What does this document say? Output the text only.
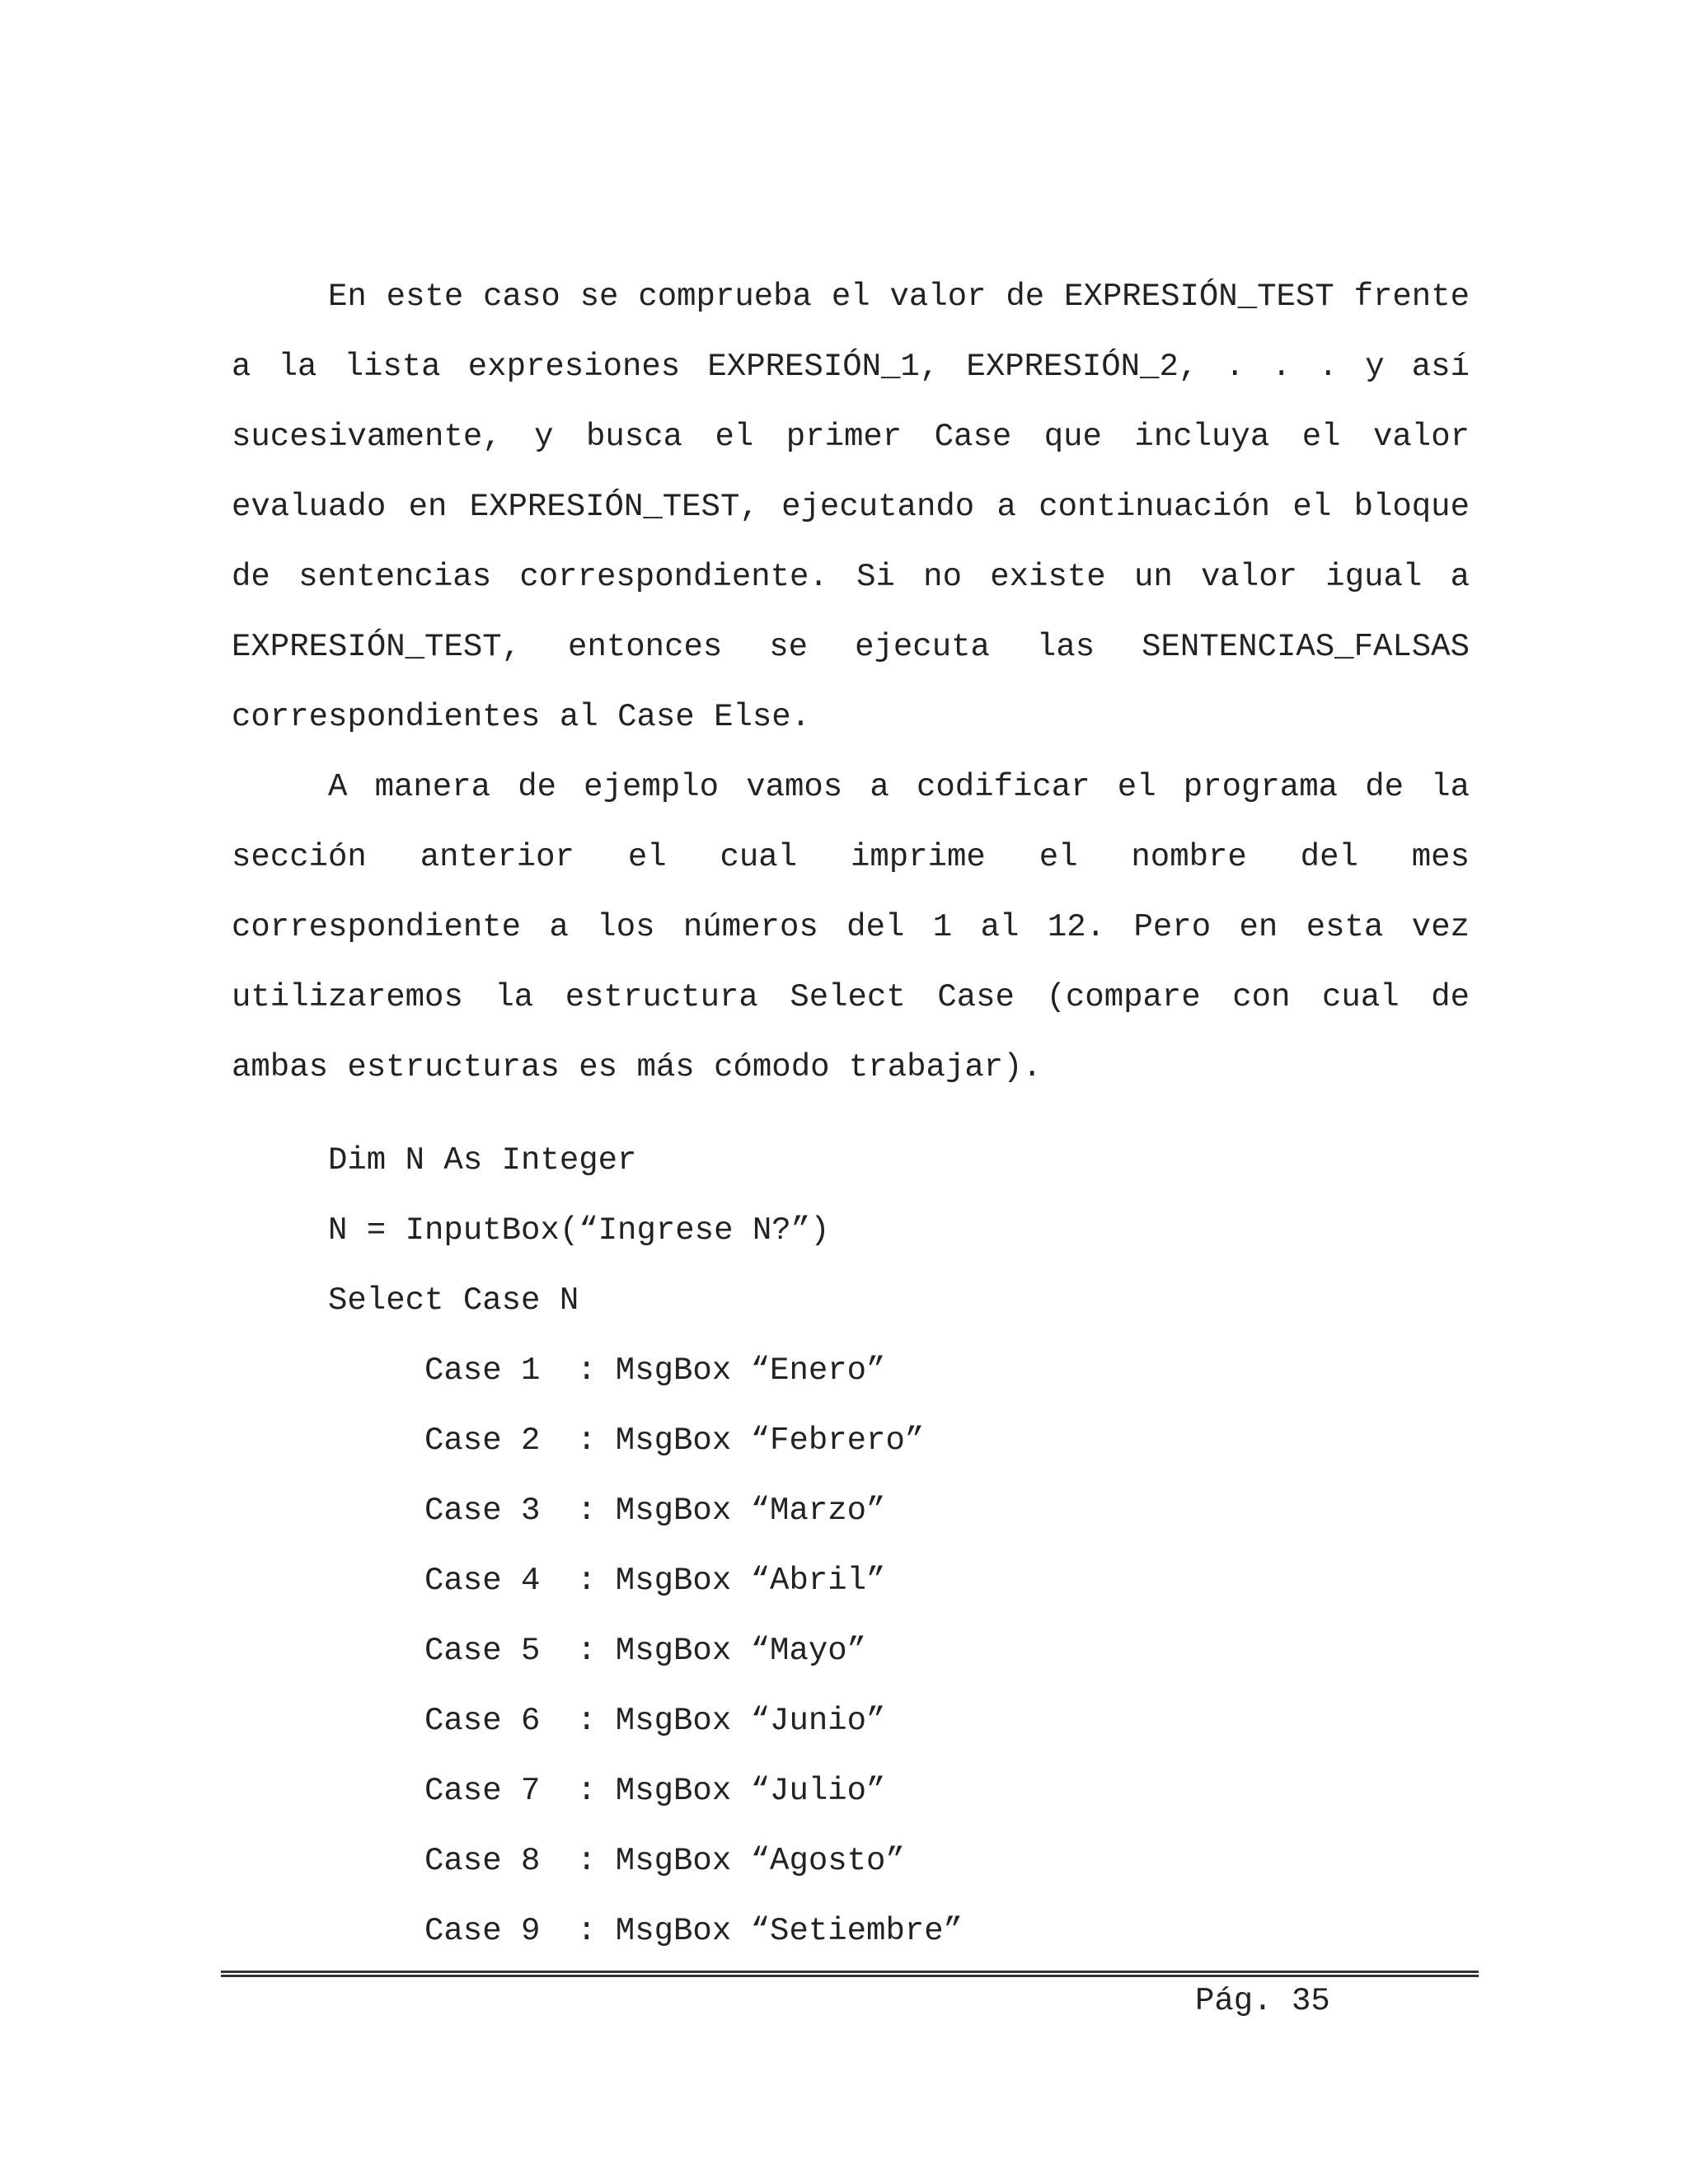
En este caso se comprueba el valor de EXPRESIÓN_TEST frente a la lista expresiones EXPRESIÓN_1, EXPRESIÓN_2, . . . y así sucesivamente, y busca el primer Case que incluya el valor evaluado en EXPRESIÓN_TEST, ejecutando a continuación el bloque de sentencias correspondiente. Si no existe un valor igual a EXPRESIÓN_TEST, entonces se ejecuta las SENTENCIAS_FALSAS correspondientes al Case Else.

A manera de ejemplo vamos a codificar el programa de la sección anterior el cual imprime el nombre del mes correspondiente a los números del 1 al 12. Pero en esta vez utilizaremos la estructura Select Case (compare con cual de ambas estructuras es más cómodo trabajar).

Dim N As Integer

N = InputBox(“Ingrese N?”)

Select Case N

Case 1 : MsgBox “Enero”

Case 2 : MsgBox “Febrero”

Case 3 : MsgBox “Marzo”

Case 4 : MsgBox “Abril”

Case 5 : MsgBox “Mayo”

Case 6 : MsgBox “Junio”

Case 7 : MsgBox “Julio”

Case 8 : MsgBox “Agosto”

Case 9 : MsgBox “Setiembre”

Pág. 35
